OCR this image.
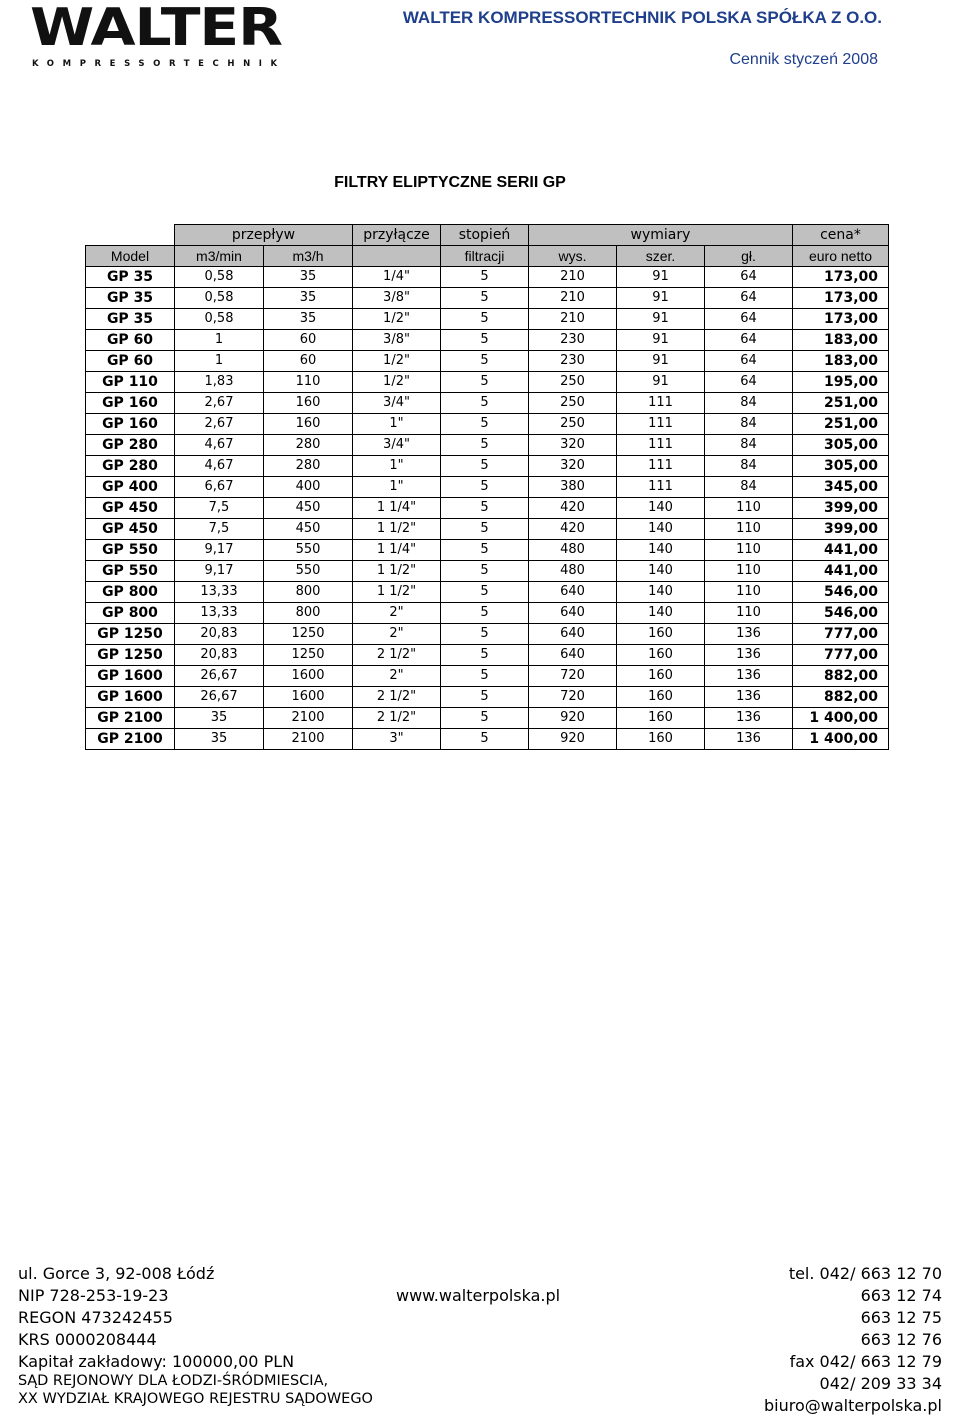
WALTER
KOMPRESSORTECHNIK
WALTER KOMPRESSORTECHNIK POLSKA SPÓŁKA Z O.O.
Cennik styczeń 2008
FILTRY ELIPTYCZNE SERII GP
	przepływ		przyłącze	stopień	wymiary			cena*
Model	m3/min	m3/h		filtracji	wys.	szer.	gł.	euro netto
GP 35	0,58	35	1/4"	5	210	91	64	173,00
GP 35	0,58	35	3/8"	5	210	91	64	173,00
GP 35	0,58	35	1/2"	5	210	91	64	173,00
GP 60	1	60	3/8"	5	230	91	64	183,00
GP 60	1	60	1/2"	5	230	91	64	183,00
GP 110	1,83	110	1/2"	5	250	91	64	195,00
GP 160	2,67	160	3/4"	5	250	111	84	251,00
GP 160	2,67	160	1"	5	250	111	84	251,00
GP 280	4,67	280	3/4"	5	320	111	84	305,00
GP 280	4,67	280	1"	5	320	111	84	305,00
GP 400	6,67	400	1"	5	380	111	84	345,00
GP 450	7,5	450	1 1/4"	5	420	140	110	399,00
GP 450	7,5	450	1 1/2"	5	420	140	110	399,00
GP 550	9,17	550	1 1/4"	5	480	140	110	441,00
GP 550	9,17	550	1 1/2"	5	480	140	110	441,00
GP 800	13,33	800	1 1/2"	5	640	140	110	546,00
GP 800	13,33	800	2"	5	640	140	110	546,00
GP 1250	20,83	1250	2"	5	640	160	136	777,00
GP 1250	20,83	1250	2 1/2"	5	640	160	136	777,00
GP 1600	26,67	1600	2"	5	720	160	136	882,00
GP 1600	26,67	1600	2 1/2"	5	720	160	136	882,00
GP 2100	35	2100	2 1/2"	5	920	160	136	1 400,00
GP 2100	35	2100	3"	5	920	160	136	1 400,00
ul. Gorce 3, 92-008 Łódź
NIP 728-253-19-23
REGON 473242455
KRS 0000208444
Kapitał zakładowy: 100000,00 PLN
SĄD REJONOWY DLA ŁODZI-ŚRÓDMIESCIA,
XX WYDZIAŁ KRAJOWEGO REJESTRU SĄDOWEGO
www.walterpolska.pl
tel. 042/ 663 12 70
663 12 74
663 12 75
663 12 76
fax 042/ 663 12 79
042/ 209 33 34
biuro@walterpolska.pl
